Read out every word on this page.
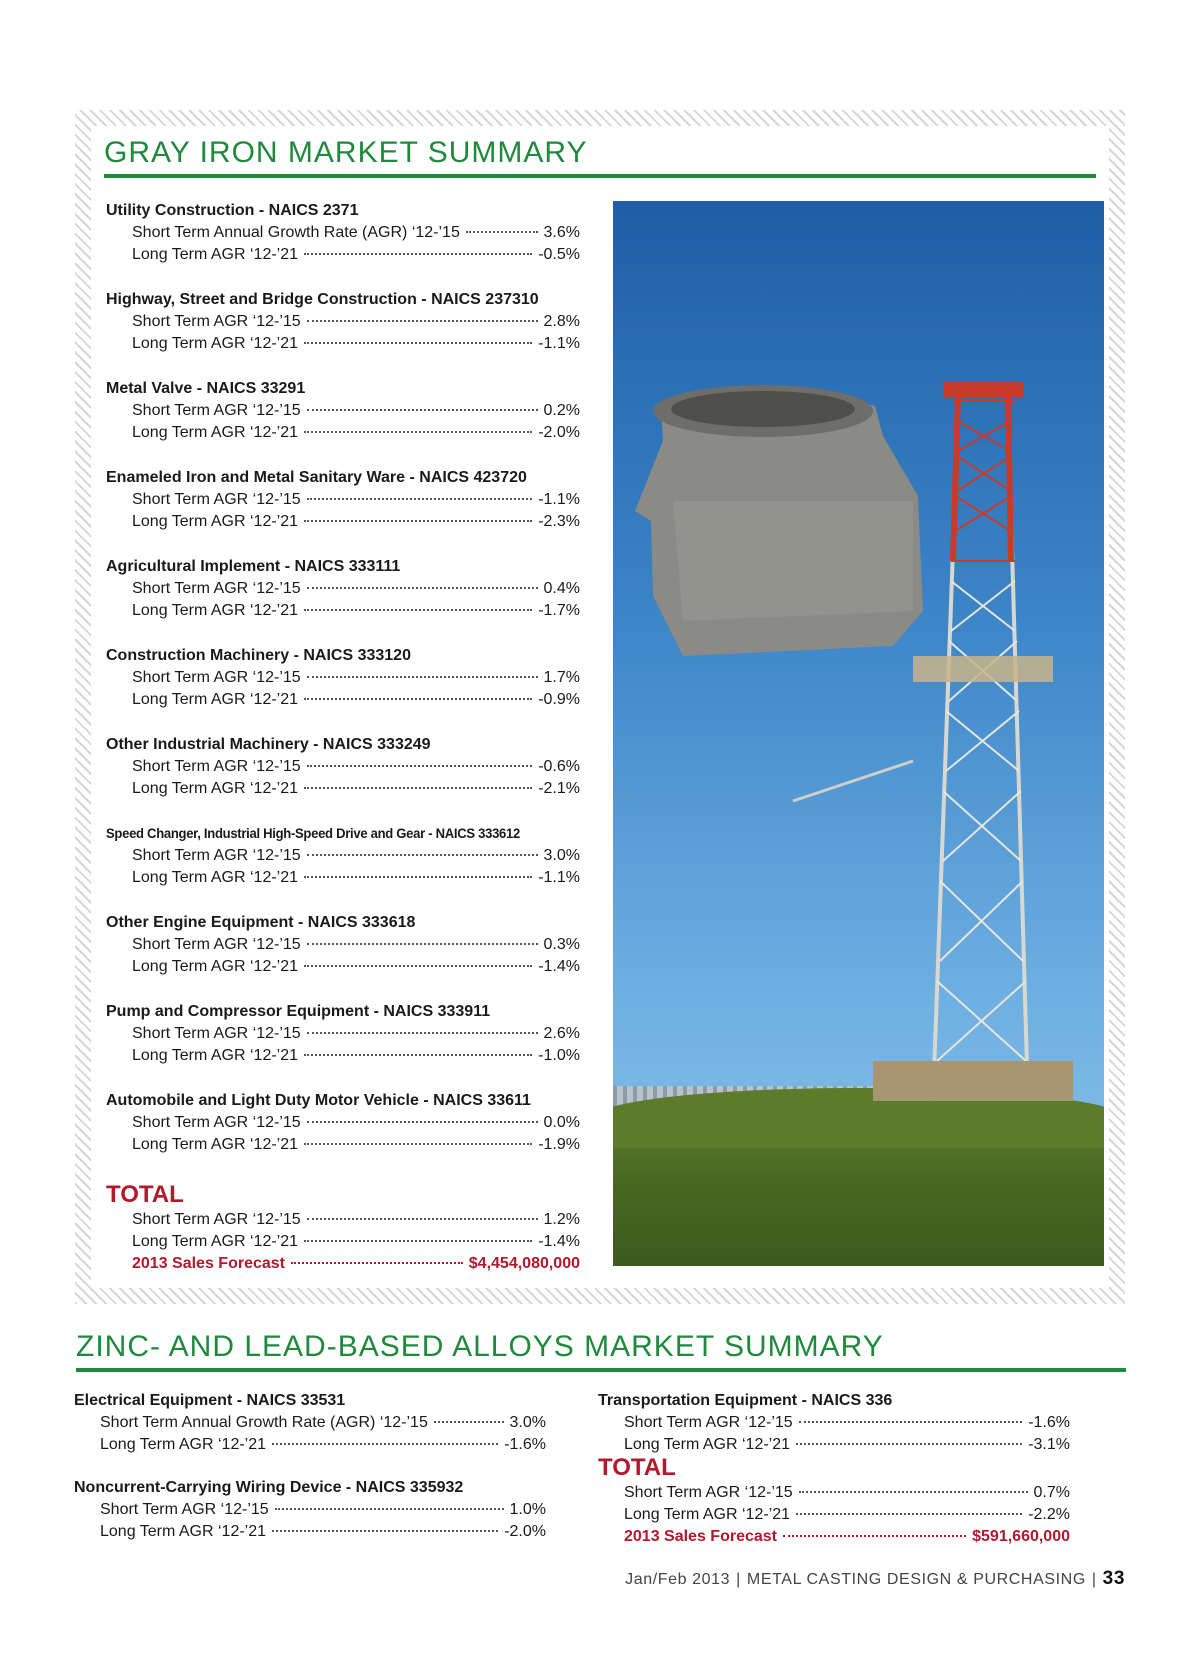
GRAY IRON MARKET SUMMARY
Utility Construction - NAICS 2371
Short Term Annual Growth Rate (AGR) ‘12-’15	3.6%
Long Term AGR ‘12-’21	-0.5%
Highway, Street and Bridge Construction - NAICS 237310
Short Term AGR ‘12-’15	2.8%
Long Term AGR ‘12-’21	-1.1%
Metal Valve - NAICS 33291
Short Term AGR ‘12-’15	0.2%
Long Term AGR ‘12-’21	-2.0%
Enameled Iron and Metal Sanitary Ware - NAICS 423720
Short Term AGR ‘12-’15	-1.1%
Long Term AGR ‘12-’21	-2.3%
Agricultural Implement - NAICS 333111
Short Term AGR ‘12-’15	0.4%
Long Term AGR ‘12-’21	-1.7%
Construction Machinery - NAICS 333120
Short Term AGR ‘12-’15	1.7%
Long Term AGR ‘12-’21	-0.9%
Other Industrial Machinery - NAICS 333249
Short Term AGR ‘12-’15	-0.6%
Long Term AGR ‘12-’21	-2.1%
Speed Changer, Industrial High-Speed Drive and Gear - NAICS 333612
Short Term AGR ‘12-’15	3.0%
Long Term AGR ‘12-’21	-1.1%
Other Engine Equipment - NAICS 333618
Short Term AGR ‘12-’15	0.3%
Long Term AGR ‘12-’21	-1.4%
Pump and Compressor Equipment - NAICS 333911
Short Term AGR ‘12-’15	2.6%
Long Term AGR ‘12-’21	-1.0%
Automobile and Light Duty Motor Vehicle - NAICS 33611
Short Term AGR ‘12-’15	0.0%
Long Term AGR ‘12-’21	-1.9%
TOTAL
Short Term AGR ‘12-’15	1.2%
Long Term AGR ‘12-’21	-1.4%
2013 Sales Forecast	$4,454,080,000
ZINC- AND LEAD-BASED ALLOYS MARKET SUMMARY
Electrical Equipment - NAICS 33531
Short Term Annual Growth Rate (AGR) ‘12-’15	3.0%
Long Term AGR ‘12-’21	-1.6%
Noncurrent-Carrying Wiring Device - NAICS 335932
Short Term AGR ‘12-’15	1.0%
Long Term AGR ‘12-’21	-2.0%
Transportation Equipment - NAICS 336
Short Term AGR ‘12-’15	-1.6%
Long Term AGR ‘12-’21	-3.1%
TOTAL
Short Term AGR ‘12-’15	0.7%
Long Term AGR ‘12-’21	-2.2%
2013 Sales Forecast	$591,660,000
Jan/Feb 2013 | METAL CASTING DESIGN & PURCHASING | 33
